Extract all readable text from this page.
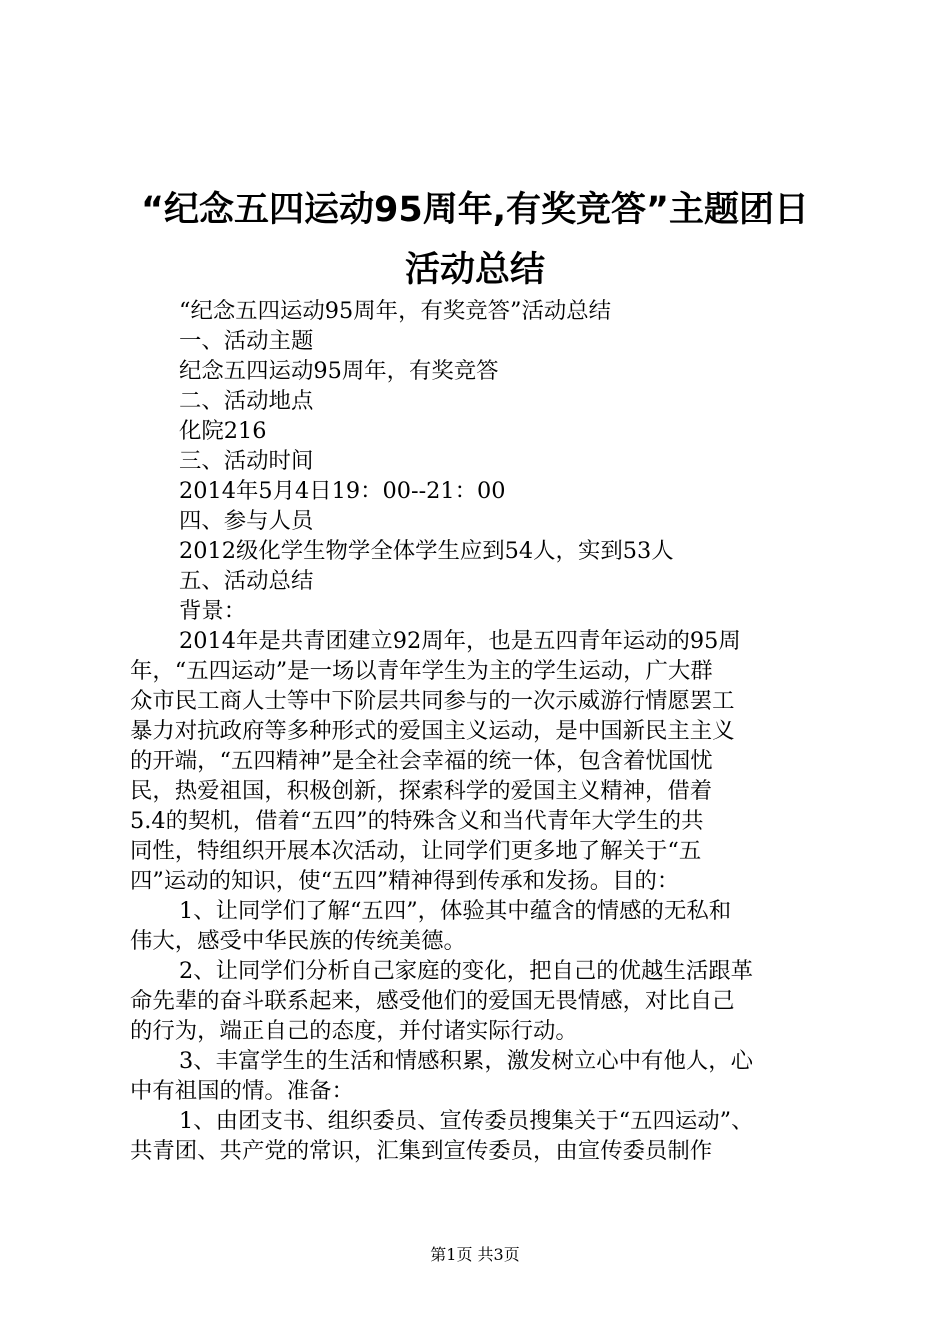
“纪念五四运动95周年,有奖竞答”主题团日
活动总结

“纪念五四运动95周年，有奖竞答”活动总结

一、活动主题

纪念五四运动95周年，有奖竞答

二、活动地点

化院216

三、活动时间

2014年5月4日19：00--21：00

四、参与人员

2012级化学生物学全体学生应到54人，实到53人

五、活动总结

背景：

2014年是共青团建立92周年，也是五四青年运动的95周

年，“五四运动”是一场以青年学生为主的学生运动，广大群

众市民工商人士等中下阶层共同参与的一次示威游行情愿罢工

暴力对抗政府等多种形式的爱国主义运动，是中国新民主主义

的开端，“五四精神”是全社会幸福的统一体，包含着忧国忧

民，热爱祖国，积极创新，探索科学的爱国主义精神，借着

5.4的契机，借着“五四”的特殊含义和当代青年大学生的共

同性，特组织开展本次活动，让同学们更多地了解关于“五

四”运动的知识，使“五四”精神得到传承和发扬。目的：

1、让同学们了解“五四”，体验其中蕴含的情感的无私和

伟大，感受中华民族的传统美德。

2、让同学们分析自己家庭的变化，把自己的优越生活跟革

命先辈的奋斗联系起来，感受他们的爱国无畏情感，对比自己

的行为，端正自己的态度，并付诸实际行动。

3、丰富学生的生活和情感积累，激发树立心中有他人，心

中有祖国的情。准备：

1、由团支书、组织委员、宣传委员搜集关于“五四运动”、

共青团、共产党的常识，汇集到宣传委员，由宣传委员制作

第1页 共3页
